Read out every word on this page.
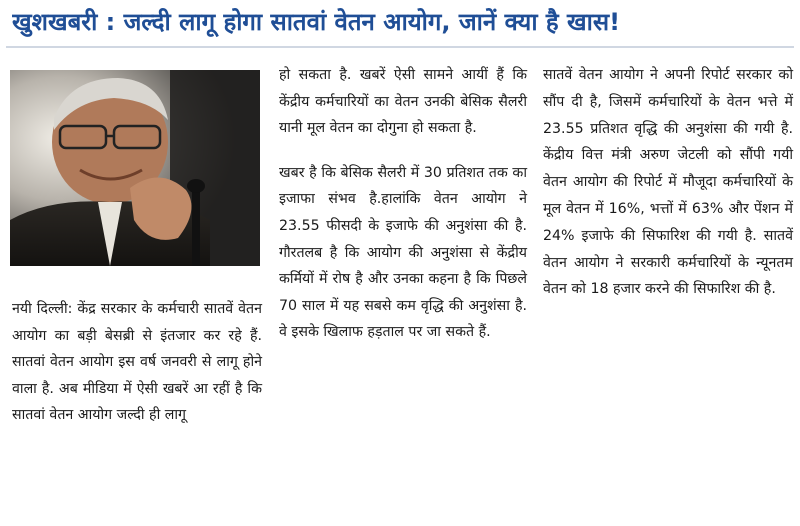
खुशखबरी : जल्दी लागू होगा सातवां वेतन आयोग, जानें क्या है खास!

नयी दिल्ली: केंद्र सरकार के कर्मचारी सातवें वेतन आयोग का बड़ी बेसब्री से इंतजार कर रहे हैं. सातवां वेतन आयोग इस वर्ष जनवरी से लागू होने वाला है. अब मीडिया में ऐसी खबरें आ रहीं है कि सातवां वेतन आयोग जल्दी ही लागू

हो सकता है. खबरें ऐसी सामने आयीं हैं कि केंद्रीय कर्मचारियों का वेतन उनकी बेसिक सैलरी यानी मूल वेतन का दोगुना हो सकता है.

खबर है कि बेसिक सैलरी में 30 प्रतिशत तक का इजाफा संभव है.हालांकि वेतन आयोग ने 23.55 फीसदी के इजाफे की अनुशंसा की है. गौरतलब है कि आयोग की अनुशंसा से केंद्रीय कर्मियों में रोष है और उनका कहना है कि पिछले 70 साल में यह सबसे कम वृद्धि की अनुशंसा है. वे इसके खिलाफ हड़ताल पर जा सकते हैं.

सातवें वेतन आयोग ने अपनी रिपोर्ट सरकार को सौंप दी है, जिसमें कर्मचारियों के वेतन भत्ते में 23.55 प्रतिशत वृद्धि की अनुशंसा की गयी है. केंद्रीय वित्त मंत्री अरुण जेटली को सौंपी गयी वेतन आयोग की रिपोर्ट में मौजूदा कर्मचारियों के मूल वेतन में 16%, भत्तों में 63% और पेंशन में 24% इजाफे की सिफारिश की गयी है. सातवें वेतन आयोग ने सरकारी कर्मचारियों के न्यूनतम वेतन को 18 हजार करने की सिफारिश की है.
